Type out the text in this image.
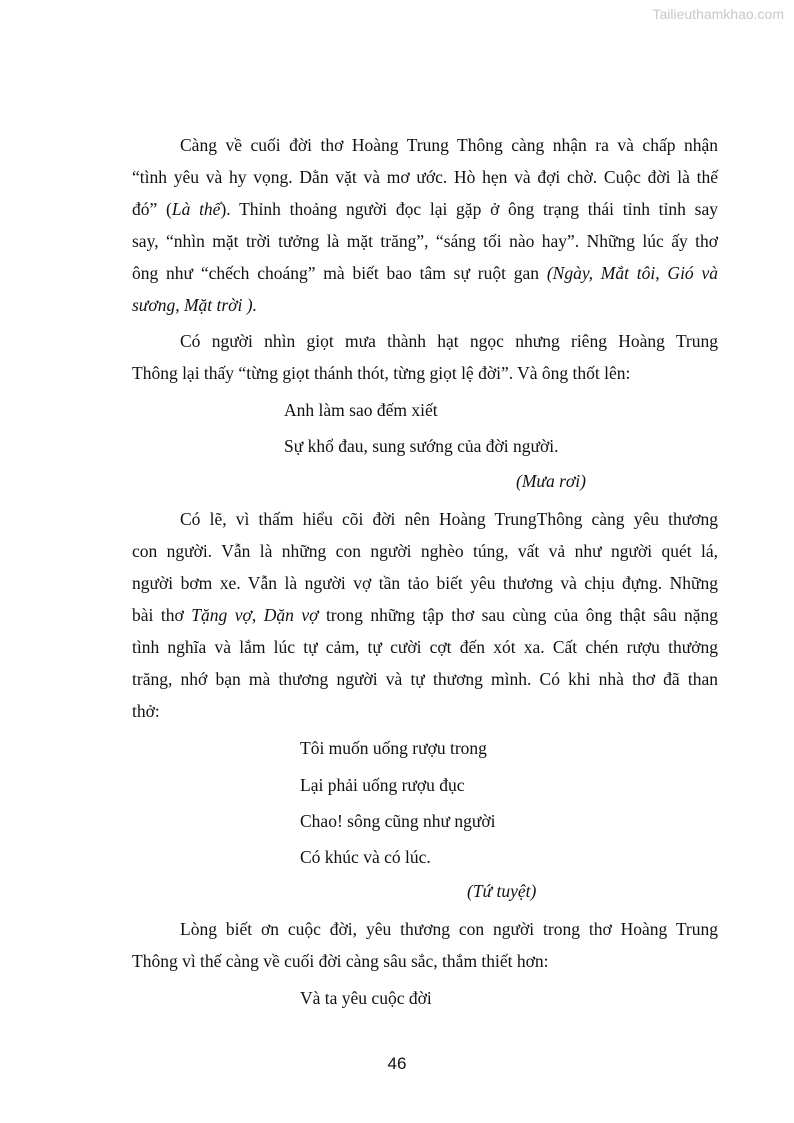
Tailieuthamkhao.com
Càng về cuối đời thơ Hoàng Trung Thông càng nhận ra và chấp nhận
“tình yêu và hy vọng. Dằn vặt và mơ ước. Hò hẹn và đợi chờ. Cuộc đời là thế
đó” (Là thế). Thỉnh thoảng người đọc lại gặp ở ông trạng thái tỉnh tỉnh say
say, “nhìn mặt trời tưởng là mặt trăng”, “sáng tối nào hay”. Những lúc ấy thơ
ông như “chếch choáng” mà biết bao tâm sự ruột gan (Ngày, Mắt tôi, Gió và
sương, Mặt trời ).
Có người nhìn giọt mưa thành hạt ngọc nhưng riêng Hoàng Trung
Thông lại thấy “từng giọt thánh thót, từng giọt lệ đời”. Và ông thốt lên:
Anh làm sao đếm xiết
Sự khổ đau, sung sướng của đời người.
(Mưa rơi)
Có lẽ, vì thấm hiểu cõi đời nên Hoàng TrungThông càng yêu thương
con người. Vẫn là những con người nghèo túng, vất vả như người quét lá,
người bơm xe. Vẫn là người vợ tần tảo biết yêu thương và chịu đựng. Những
bài thơ Tặng vợ, Dặn vợ trong những tập thơ sau cùng của ông thật sâu nặng
tình nghĩa và lắm lúc tự cảm, tự cười cợt đến xót xa. Cất chén rượu thưởng
trăng, nhớ bạn mà thương người và tự thương mình. Có khi nhà thơ đã than
thở:
Tôi muốn uống rượu trong
Lại phải uống rượu đục
Chao! sông cũng như người
Có khúc và có lúc.
(Tứ tuyệt)
Lòng biết ơn cuộc đời, yêu thương con người trong thơ Hoàng Trung
Thông vì thế càng về cuối đời càng sâu sắc, thắm thiết hơn:
Và ta yêu cuộc đời
46
